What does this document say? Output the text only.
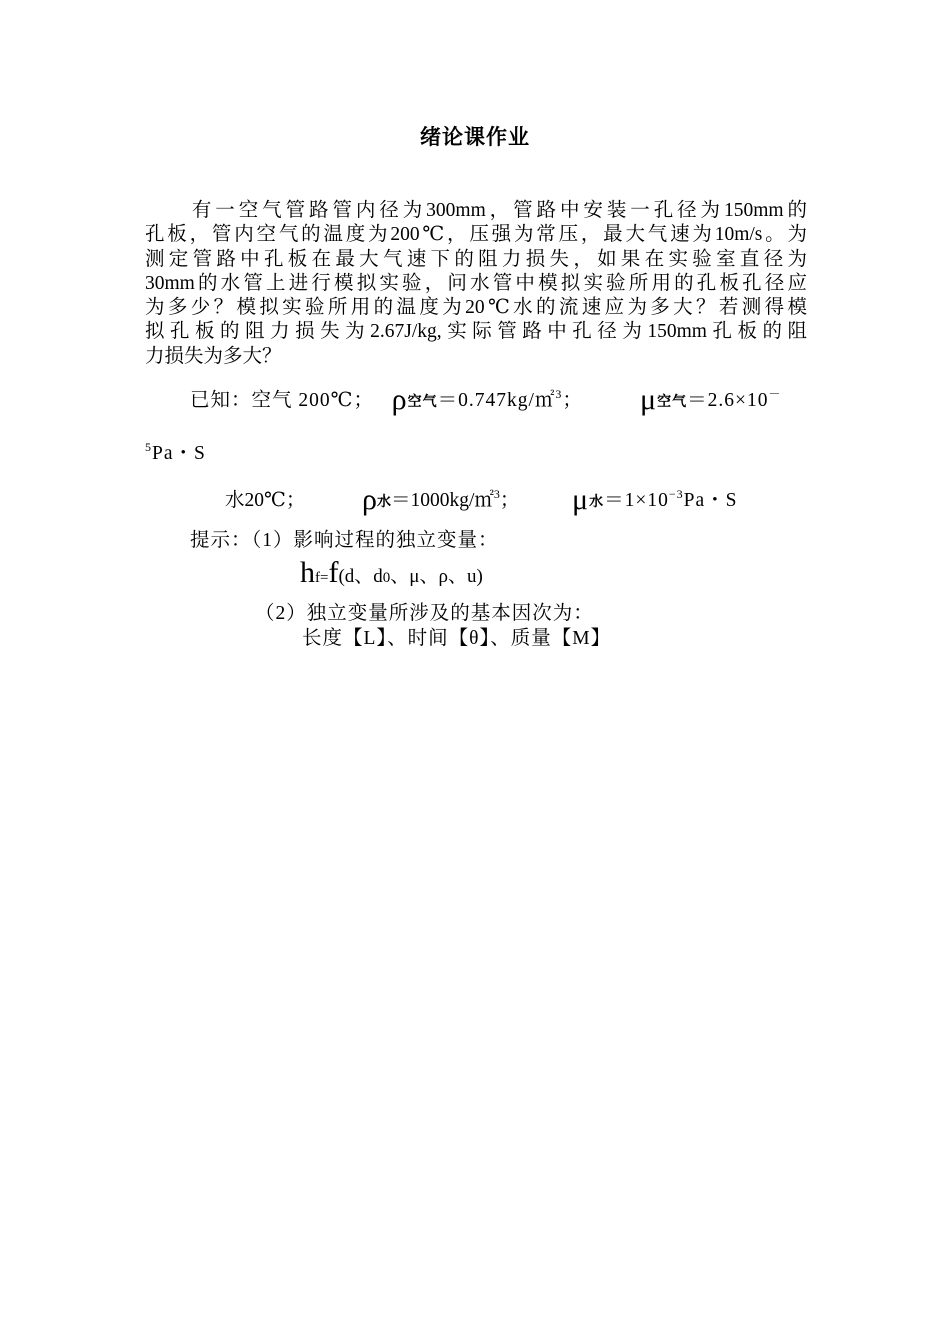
绪论课作业
　　有一空气管路管内径为300mm，管路中安装一孔径为150mm的
孔板，管内空气的温度为200℃，压强为常压，最大气速为10m/s。为
测定管路中孔板在最大气速下的阻力损失，如果在实验室直径为
30mm的水管上进行模拟实验，问水管中模拟实验所用的孔板孔径应
为多少？模拟实验所用的温度为20℃水的流速应为多大？若测得模
拟孔板的阻力损失为2.67J/kg,实际管路中孔径为150mm孔板的阻
力损失为多大？
已知：空气 200℃； ρ空气＝0.747kg/㎡$^3$； μ空气＝2.6×10－
$^5$Pa・S
水20℃； ρ水＝1000kg/㎡$^3$； μ水$=1\times 10^{-3}Pa$・S
提示：（1）影响过程的独立变量：
hf=f(d、d0、μ、ρ、u)
（2）独立变量所涉及的基本因次为：
长度【L】、时间【θ】、质量【M】
